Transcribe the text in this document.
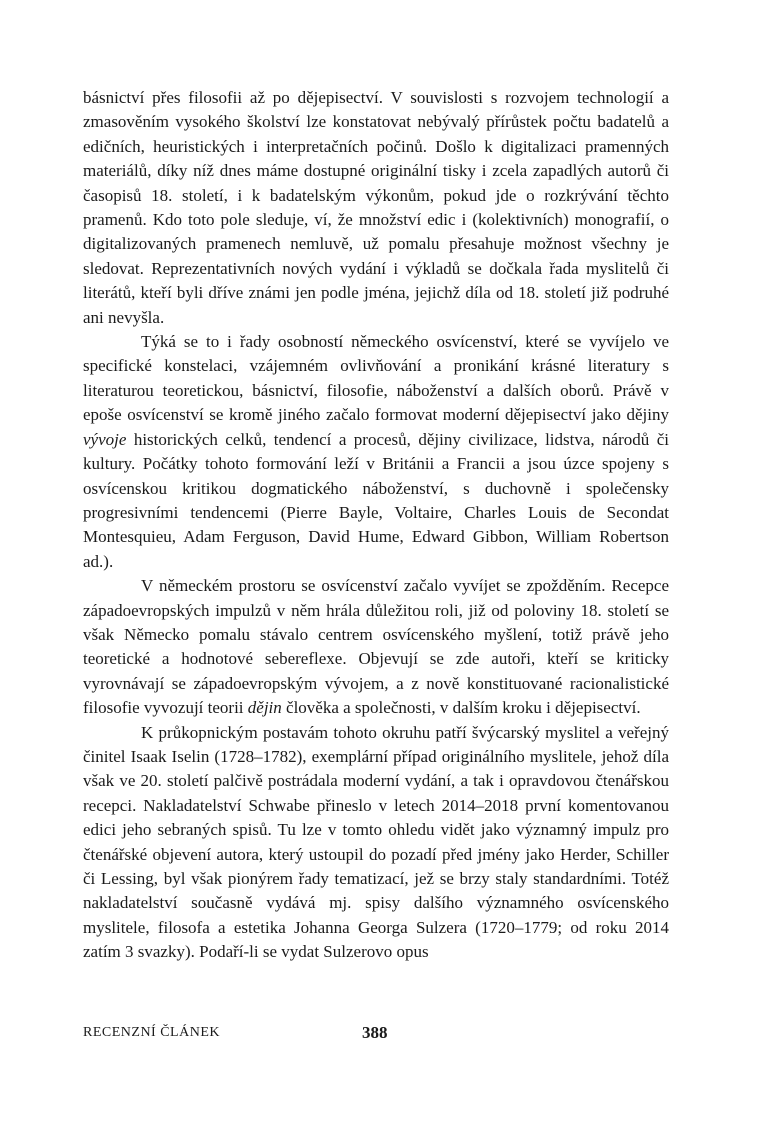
básnictví přes filosofii až po dějepisectví. V souvislosti s rozvojem technologií a zmasověním vysokého školství lze konstatovat nebývalý přírůstek počtu badatelů a edičních, heuristických i interpretačních počinů. Došlo k digitalizaci pramenných materiálů, díky níž dnes máme dostupné originální tisky i zcela zapadlých autorů či časopisů 18. století, i k badatelským výkonům, pokud jde o rozkrývání těchto pramenů. Kdo toto pole sleduje, ví, že množství edic i (kolektivních) monografií, o digitalizovaných pramenech nemluvě, už pomalu přesahuje možnost všechny je sledovat. Reprezentativních nových vydání i výkladů se dočkala řada myslitelů či literátů, kteří byli dříve známi jen podle jména, jejichž díla od 18. století již podruhé ani nevyšla.

Týká se to i řady osobností německého osvícenství, které se vyvíjelo ve specifické konstelaci, vzájemném ovlivňování a pronikání krásné literatury s literaturou teoretickou, básnictví, filosofie, náboženství a dalších oborů. Právě v epoše osvícenství se kromě jiného začalo formovat moderní dějepisectví jako dějiny vývoje historických celků, tendencí a procesů, dějiny civilizace, lidstva, národů či kultury. Počátky tohoto formování leží v Británii a Francii a jsou úzce spojeny s osvícenskou kritikou dogmatického náboženství, s duchovně i společensky progresivními tendencemi (Pierre Bayle, Voltaire, Charles Louis de Secondat Montesquieu, Adam Ferguson, David Hume, Edward Gibbon, William Robertson ad.).

V německém prostoru se osvícenství začalo vyvíjet se zpožděním. Recepce západoevropských impulzů v něm hrála důležitou roli, již od poloviny 18. století se však Německo pomalu stávalo centrem osvícenského myšlení, totiž právě jeho teoretické a hodnotové sebereflexe. Objevují se zde autoři, kteří se kriticky vyrovnávají se západoevropským vývojem, a z nově konstituované racionalistické filosofie vyvozují teorii dějin člověka a společnosti, v dalším kroku i dějepisectví.

K průkopnickým postavám tohoto okruhu patří švýcarský myslitel a veřejný činitel Isaak Iselin (1728–1782), exemplární případ originálního myslitele, jehož díla však ve 20. století palčivě postrádala moderní vydání, a tak i opravdovou čtenářskou recepci. Nakladatelství Schwabe přineslo v letech 2014–2018 první komentovanou edici jeho sebraných spisů. Tu lze v tomto ohledu vidět jako významný impulz pro čtenářské objevení autora, který ustoupil do pozadí před jmény jako Herder, Schiller či Lessing, byl však pionýrem řady tematizací, jež se brzy staly standardními. Totéž nakladatelství současně vydává mj. spisy dalšího významného osvícenského myslitele, filosofa a estetika Johanna Georga Sulzera (1720–1779; od roku 2014 zatím 3 svazky). Podaří-li se vydat Sulzerovo opus

RECENZNÍ ČLÁNEK	388
